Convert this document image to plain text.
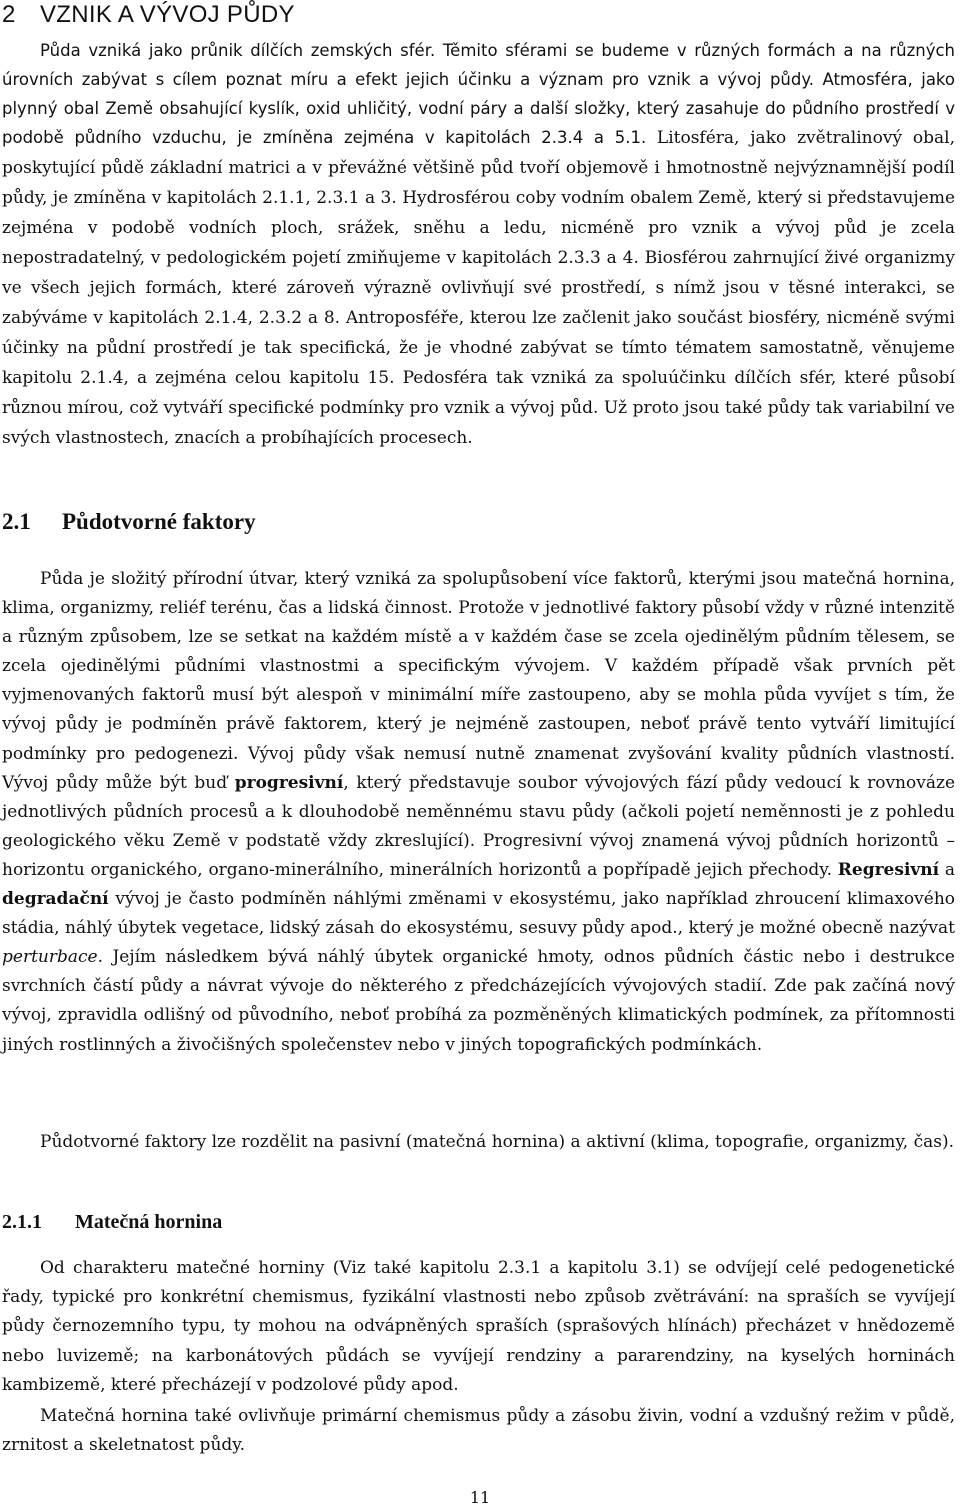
2 VZNIK A VÝVOJ PŮDY

Půda vzniká jako průnik dílčích zemských sfér. Těmito sférami se budeme v různých formách a na různých úrovních zabývat s cílem poznat míru a efekt jejich účinku a význam pro vznik a vývoj půdy. Atmosféra, jako plynný obal Země obsahující kyslík, oxid uhličitý, vodní páry a další složky, který zasahuje do půdního prostředí v podobě půdního vzduchu, je zmíněna zejména v kapitolách 2.3.4 a 5.1. Litosféra, jako zvětralinový obal, poskytující půdě základní matrici a v převážné většině půd tvoří objemově i hmotnostně nejvýznamnější podíl půdy, je zmíněna v kapitolách 2.1.1, 2.3.1 a 3. Hydrosférou coby vodním obalem Země, který si představujeme zejména v podobě vodních ploch, srážek, sněhu a ledu, nicméně pro vznik a vývoj půd je zcela nepostradatelný, v pedologickém pojetí zmiňujeme v kapitolách 2.3.3 a 4. Biosférou zahrnující živé organizmy ve všech jejich formách, které zároveň výrazně ovlivňují své prostředí, s nímž jsou v těsné interakci, se zabýváme v kapitolách 2.1.4, 2.3.2 a 8. Antroposféře, kterou lze začlenit jako součást biosféry, nicméně svými účinky na půdní prostředí je tak specifická, že je vhodné zabývat se tímto tématem samostatně, věnujeme kapitolu 2.1.4, a zejména celou kapitolu 15. Pedosféra tak vzniká za spoluúčinku dílčích sfér, které působí různou mírou, což vytváří specifické podmínky pro vznik a vývoj půd. Už proto jsou také půdy tak variabilní ve svých vlastnostech, znacích a probíhajících procesech.

2.1 Půdotvorné faktory

Půda je složitý přírodní útvar, který vzniká za spolupůsobení více faktorů, kterými jsou matečná hornina, klima, organizmy, reliéf terénu, čas a lidská činnost. Protože v jednotlivé faktory působí vždy v různé intenzitě a různým způsobem, lze se setkat na každém místě a v každém čase se zcela ojedinělým půdním tělesem, se zcela ojedinělými půdními vlastnostmi a specifickým vývojem. V každém případě však prvních pět vyjmenovaných faktorů musí být alespoň v minimální míře zastoupeno, aby se mohla půda vyvíjet s tím, že vývoj půdy je podmíněn právě faktorem, který je nejméně zastoupen, neboť právě tento vytváří limitující podmínky pro pedogenezi. Vývoj půdy však nemusí nutně znamenat zvyšování kvality půdních vlastností. Vývoj půdy může být buď progresivní, který představuje soubor vývojových fází půdy vedoucí k rovnováze jednotlivých půdních procesů a k dlouhodobě neměnnému stavu půdy (ačkoli pojetí neměnnosti je z pohledu geologického věku Země v podstatě vždy zkreslující). Progresivní vývoj znamená vývoj půdních horizontů – horizontu organického, organo-minerálního, minerálních horizontů a popřípadě jejich přechody. Regresivní a degradační vývoj je často podmíněn náhlými změnami v ekosystému, jako například zhroucení klimaxového stádia, náhlý úbytek vegetace, lidský zásah do ekosystému, sesuvy půdy apod., který je možné obecně nazývat perturbace. Jejím následkem bývá náhlý úbytek organické hmoty, odnos půdních částic nebo i destrukce svrchních částí půdy a návrat vývoje do některého z předcházejících vývojových stadií. Zde pak začíná nový vývoj, zpravidla odlišný od původního, neboť probíhá za pozměněných klimatických podmínek, za přítomnosti jiných rostlinných a živočišných společenstev nebo v jiných topografických podmínkách.

Půdotvorné faktory lze rozdělit na pasivní (matečná hornina) a aktivní (klima, topografie, organizmy, čas).

2.1.1 Matečná hornina

Od charakteru matečné horniny (Viz také kapitolu 2.3.1 a kapitolu 3.1) se odvíjejí celé pedogenetické řady, typické pro konkrétní chemismus, fyzikální vlastnosti nebo způsob zvětrávání: na spraších se vyvíjejí půdy černozemního typu, ty mohou na odvápněných spraších (sprašových hlínách) přecházet v hnědozemě nebo luvizemě; na karbonátových půdách se vyvíjejí rendziny a pararendziny, na kyselých horninách kambizemě, které přecházejí v podzolové půdy apod.

Matečná hornina také ovlivňuje primární chemismus půdy a zásobu živin, vodní a vzdušný režim v půdě, zrnitost a skeletnatost půdy.

11
